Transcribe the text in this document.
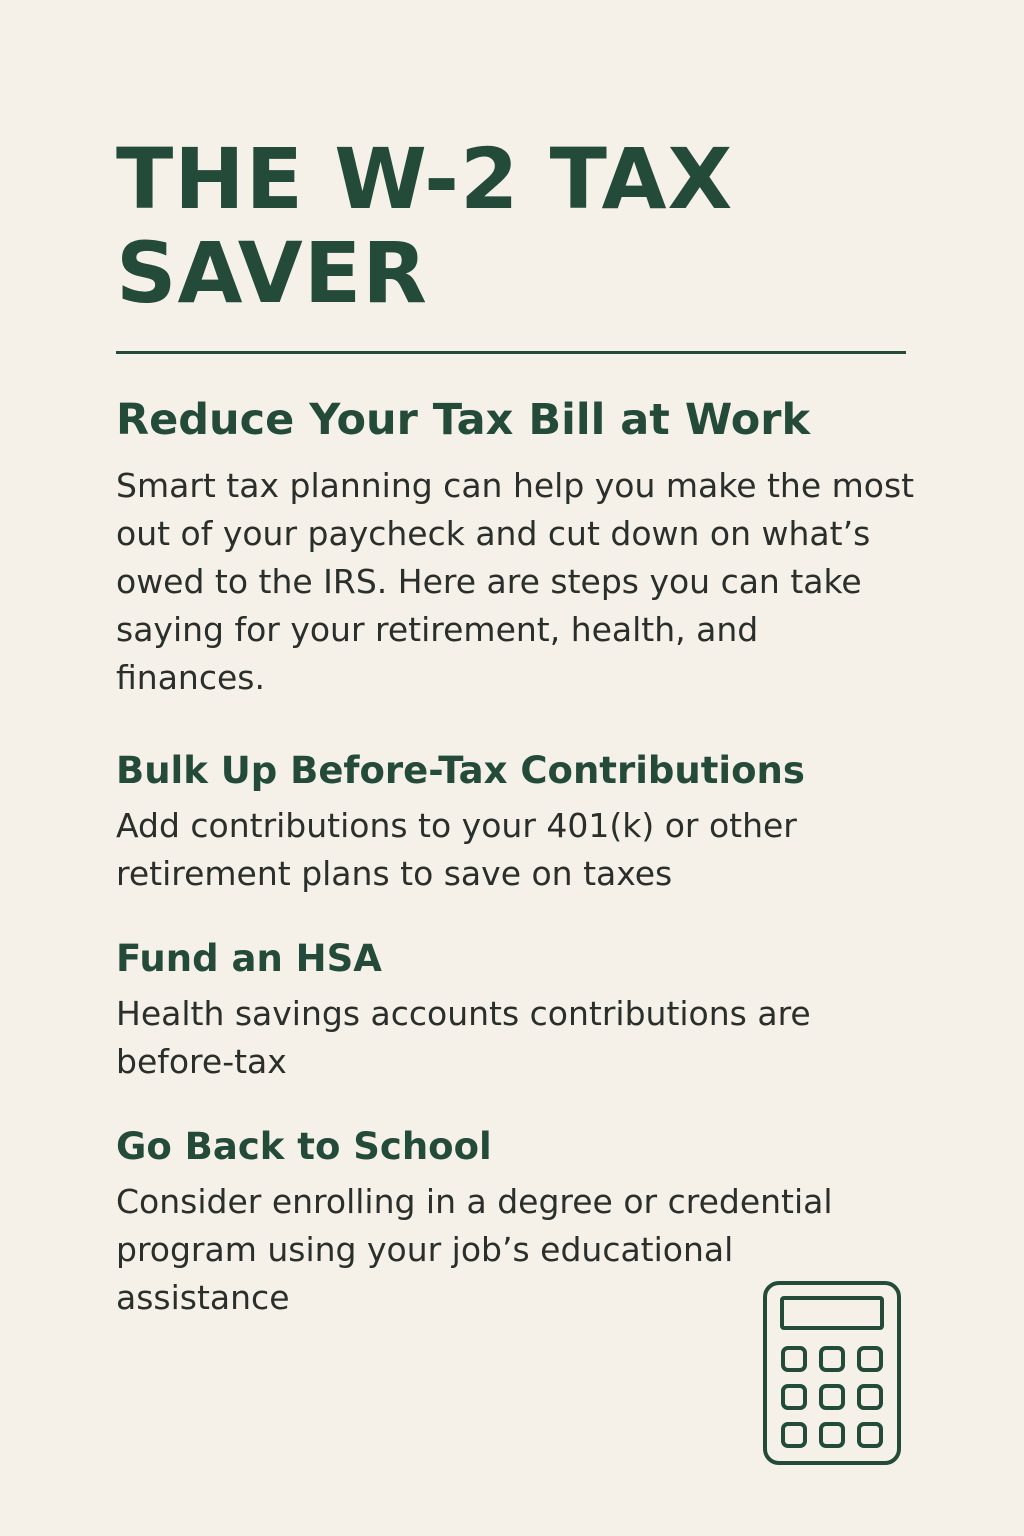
THE W-2 TAX SAVER
Reduce Your Tax Bill at Work

Smart tax planning can help you make the most out of your paycheck and cut down on what’s owed to the IRS. Here are steps you can take saying for your retirement, health, and finances.

Bulk Up Before-Tax Contributions

Add contributions to your 401(k) or other retirement plans to save on taxes

Fund an HSA

Health savings accounts contributions are before-tax

Go Back to School

Consider enrolling in a degree or credential program using your job’s educational assistance
